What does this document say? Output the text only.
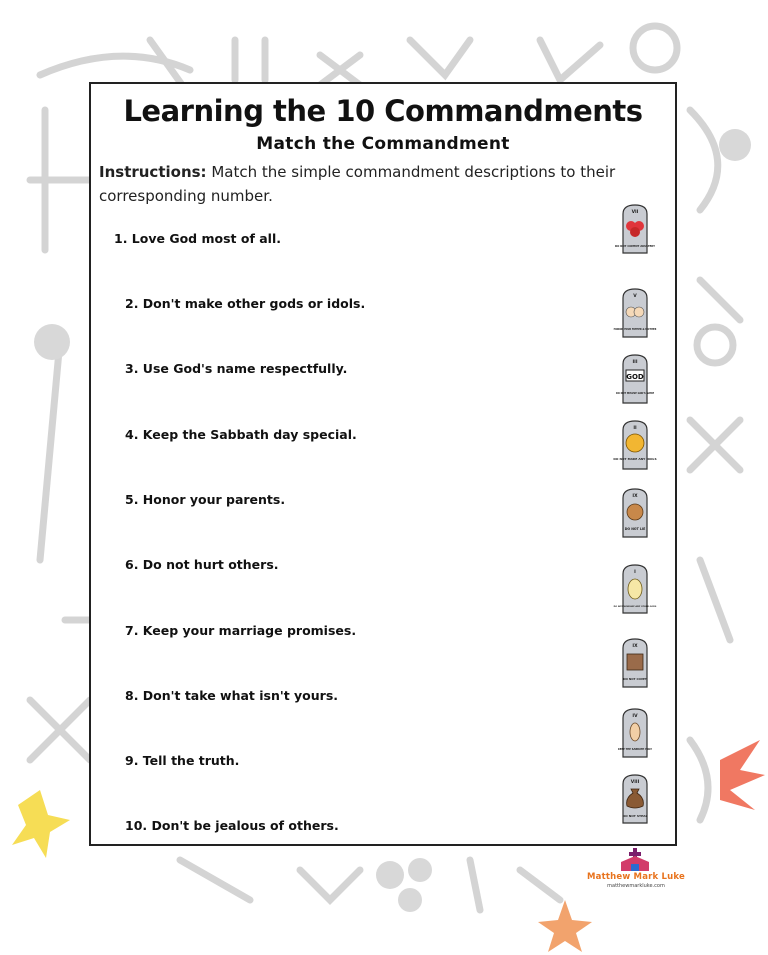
Learning the 10 Commandments
Match the Commandment
Instructions: Match the simple commandment descriptions to their corresponding number.
1. Love God most of all.
2. Don't make other gods or idols.
3. Use God's name respectfully.
4. Keep the Sabbath day special.
5. Honor your parents.
6. Do not hurt others.
7. Keep your marriage promises.
8. Don't take what isn't yours.
9. Tell the truth.
10. Don't be jealous of others.
VII
DO NOT COMMIT ADULTERY
V
HONOR YOUR FATHER & MOTHER
III
GOD
DO NOT MISUSE GOD'S NAME
II
DO NOT MAKE ANY IDOLS
IX
DO NOT LIE
I
DO NOT WORSHIP ANY OTHER GODS
IX
DO NOT COVET
IV
KEEP THE SABBATH HOLY
VIII
DO NOT STEAL
Matthew Mark Luke
matthewmarkluke.com
